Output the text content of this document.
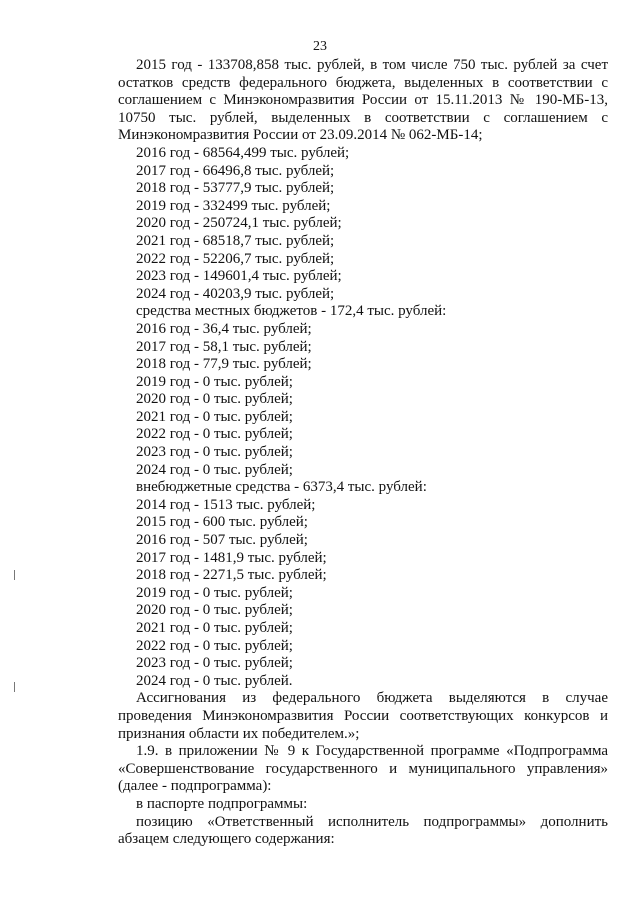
23
2015 год - 133708,858 тыс. рублей, в том числе 750 тыс. рублей за счет остатков средств федерального бюджета, выделенных в соответствии с соглашением с Минэкономразвития России от 15.11.2013 № 190-МБ-13, 10750 тыс. рублей, выделенных в соответствии с соглашением с Минэкономразвития России от 23.09.2014 № 062-МБ-14;
2016 год - 68564,499 тыс. рублей;
2017 год - 66496,8 тыс. рублей;
2018 год - 53777,9 тыс. рублей;
2019 год - 332499 тыс. рублей;
2020 год - 250724,1 тыс. рублей;
2021 год - 68518,7 тыс. рублей;
2022 год - 52206,7 тыс. рублей;
2023 год - 149601,4 тыс. рублей;
2024 год - 40203,9 тыс. рублей;
средства местных бюджетов - 172,4 тыс. рублей:
2016 год - 36,4 тыс. рублей;
2017 год - 58,1 тыс. рублей;
2018 год - 77,9 тыс. рублей;
2019 год - 0 тыс. рублей;
2020 год - 0 тыс. рублей;
2021 год - 0 тыс. рублей;
2022 год - 0 тыс. рублей;
2023 год - 0 тыс. рублей;
2024 год - 0 тыс. рублей;
внебюджетные средства - 6373,4 тыс. рублей:
2014 год - 1513 тыс. рублей;
2015 год - 600 тыс. рублей;
2016 год - 507 тыс. рублей;
2017 год - 1481,9 тыс. рублей;
2018 год - 2271,5 тыс. рублей;
2019 год - 0 тыс. рублей;
2020 год - 0 тыс. рублей;
2021 год - 0 тыс. рублей;
2022 год - 0 тыс. рублей;
2023 год - 0 тыс. рублей;
2024 год - 0 тыс. рублей.
Ассигнования из федерального бюджета выделяются в случае проведения Минэкономразвития России соответствующих конкурсов и признания области их победителем.»;
1.9. в приложении № 9 к Государственной программе «Подпрограмма «Совершенствование государственного и муниципального управления» (далее - подпрограмма):
в паспорте подпрограммы:
позицию «Ответственный исполнитель подпрограммы» дополнить абзацем следующего содержания:
